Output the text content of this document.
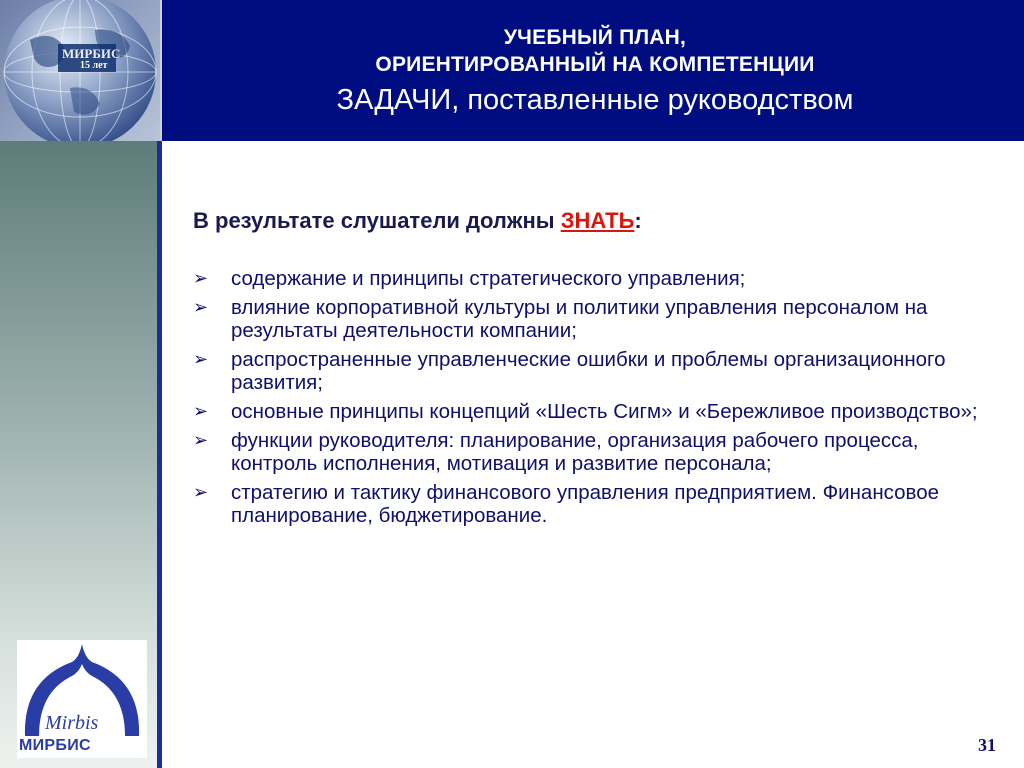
МИРБИС
15 лет
УЧЕБНЫЙ ПЛАН,
ОРИЕНТИРОВАННЫЙ НА КОМПЕТЕНЦИИ
ЗАДАЧИ, поставленные руководством
Mirbis
МИРБИС
В результате слушатели должны ЗНАТЬ:
➢ содержание и принципы стратегического управления;
➢ влияние корпоративной культуры и политики управления персоналом на результаты деятельности компании;
➢ распространенные управленческие ошибки и проблемы организационного развития;
➢ основные принципы концепций «Шесть Сигм» и «Бережливое производство»;
➢ функции руководителя: планирование, организация рабочего процесса, контроль исполнения, мотивация и развитие персонала;
➢ стратегию и тактику финансового управления предприятием. Финансовое планирование, бюджетирование.
31
